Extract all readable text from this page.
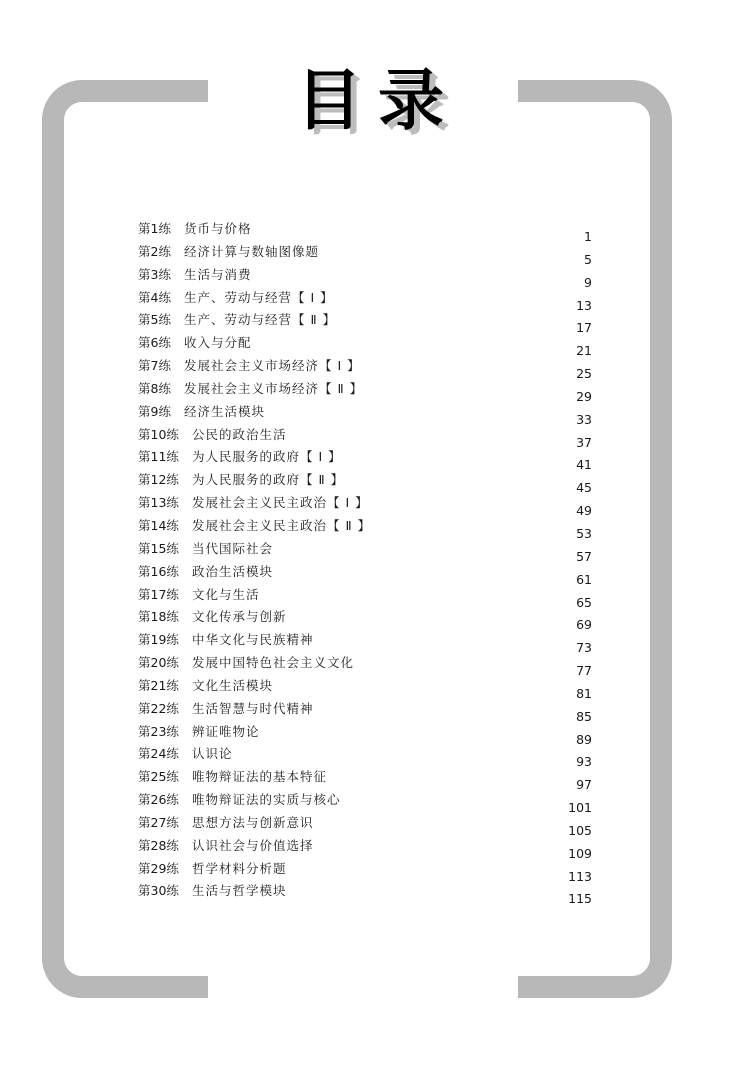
目录
第1练 货币与价格
1
第2练 经济计算与数轴图像题
5
第3练 生活与消费
9
第4练 生产、劳动与经营【 Ⅰ 】
13
第5练 生产、劳动与经营【 Ⅱ 】
17
第6练 收入与分配
21
第7练 发展社会主义市场经济【 Ⅰ 】
25
第8练 发展社会主义市场经济【 Ⅱ 】
29
第9练 经济生活模块
33
第10练 公民的政治生活
37
第11练 为人民服务的政府【 Ⅰ 】
41
第12练 为人民服务的政府【 Ⅱ 】
45
第13练 发展社会主义民主政治【 Ⅰ 】
49
第14练 发展社会主义民主政治【 Ⅱ 】
53
第15练 当代国际社会
57
第16练 政治生活模块
61
第17练 文化与生活
65
第18练 文化传承与创新
69
第19练 中华文化与民族精神
73
第20练 发展中国特色社会主义文化
77
第21练 文化生活模块
81
第22练 生活智慧与时代精神
85
第23练 辨证唯物论
89
第24练 认识论
93
第25练 唯物辩证法的基本特征
97
第26练 唯物辩证法的实质与核心
101
第27练 思想方法与创新意识
105
第28练 认识社会与价值选择
109
第29练 哲学材料分析题
113
第30练 生活与哲学模块
115
